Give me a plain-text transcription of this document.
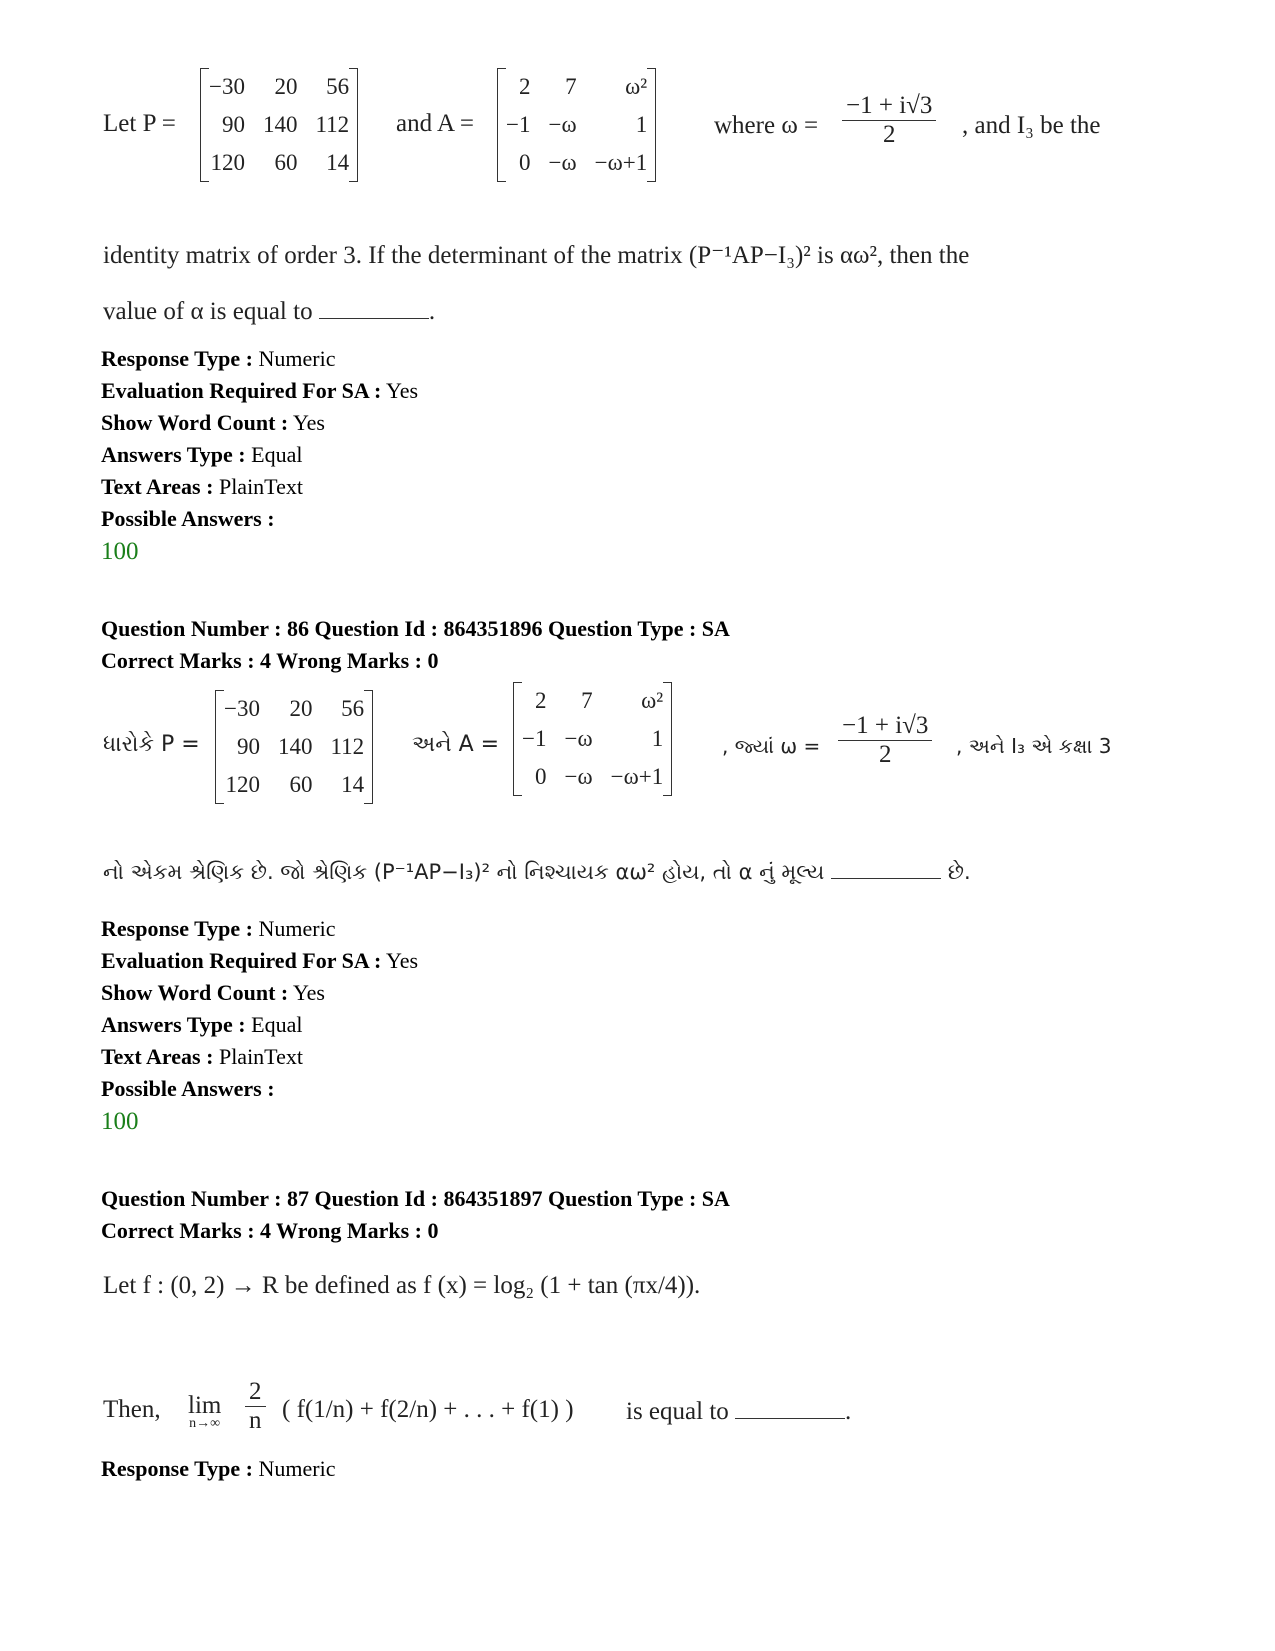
Let P =
−30	20	56
90	140	112
120	60	14
and A =
2	7	ω²
−1	−ω	1
0	−ω	−ω+1
where $\omega = \frac{-1 + i√3}{2}$ , and I₃ be the
identity matrix of order 3. If the determinant of the matrix (P⁻¹AP−I₃)² is αω², then the
value of α is equal to	.
Response Type : Numeric
Evaluation Required For SA : Yes
Show Word Count : Yes
Answers Type : Equal
Text Areas : PlainText
Possible Answers :
100
Question Number : 86 Question Id : 864351896 Question Type : SA
Correct Marks : 4 Wrong Marks : 0
ધારોકે P =
−30	20	56
90	140	112
120	60	14
અને A =
2	7	ω²
−1	−ω	1
0	−ω	−ω+1
, જ્યાં $\omega = \frac{-1 + i√3}{2}$ , અને I₃ એ કક્ષા 3
નો એકમ શ્રેણિક છે. જો શ્રેણિક (P⁻¹AP−I₃)² નો નિશ્ચાયક αω² હોય, તો α નું મૂલ્ય	છે.
Response Type : Numeric
Evaluation Required For SA : Yes
Show Word Count : Yes
Answers Type : Equal
Text Areas : PlainText
Possible Answers :
100
Question Number : 87 Question Id : 864351897 Question Type : SA
Correct Marks : 4 Wrong Marks : 0
Let f : (0, 2) → R be defined as f (x) = log₂ (1 + tan (πx/4)).
Then, lim
$n\to\infty \frac{2}{n}$ ( f(1/n) + f(2/n) + . . . + f(1) ) is equal to	.
Response Type : Numeric
